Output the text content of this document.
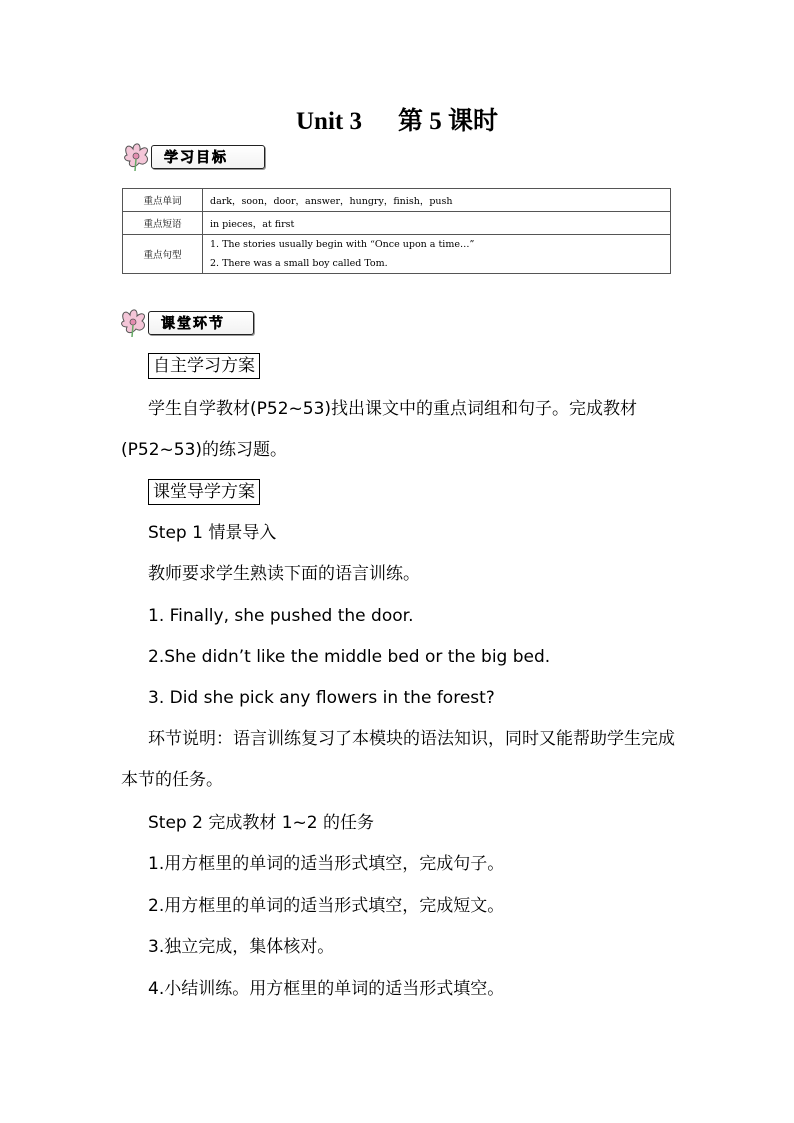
Unit 3 第 5 课时
学习目标
重点单词	dark，soon，door，answer，hungry，finish，push
重点短语	in pieces，at first
重点句型	1. The stories usually begin with “Once upon a time…”
2. There was a small boy called Tom.
课堂环节
自主学习方案
学生自学教材(P52~53)找出课文中的重点词组和句子。完成教材(P52~53)的练习题。
课堂导学方案
Step 1 情景导入
教师要求学生熟读下面的语言训练。
1. Finally, she pushed the door.
2.She didn’t like the middle bed or the big bed.
3. Did she pick any flowers in the forest?
环节说明：语言训练复习了本模块的语法知识，同时又能帮助学生完成本节的任务。
Step 2 完成教材 1~2 的任务
1.用方框里的单词的适当形式填空，完成句子。
2.用方框里的单词的适当形式填空，完成短文。
3.独立完成，集体核对。
4.小结训练。用方框里的单词的适当形式填空。
